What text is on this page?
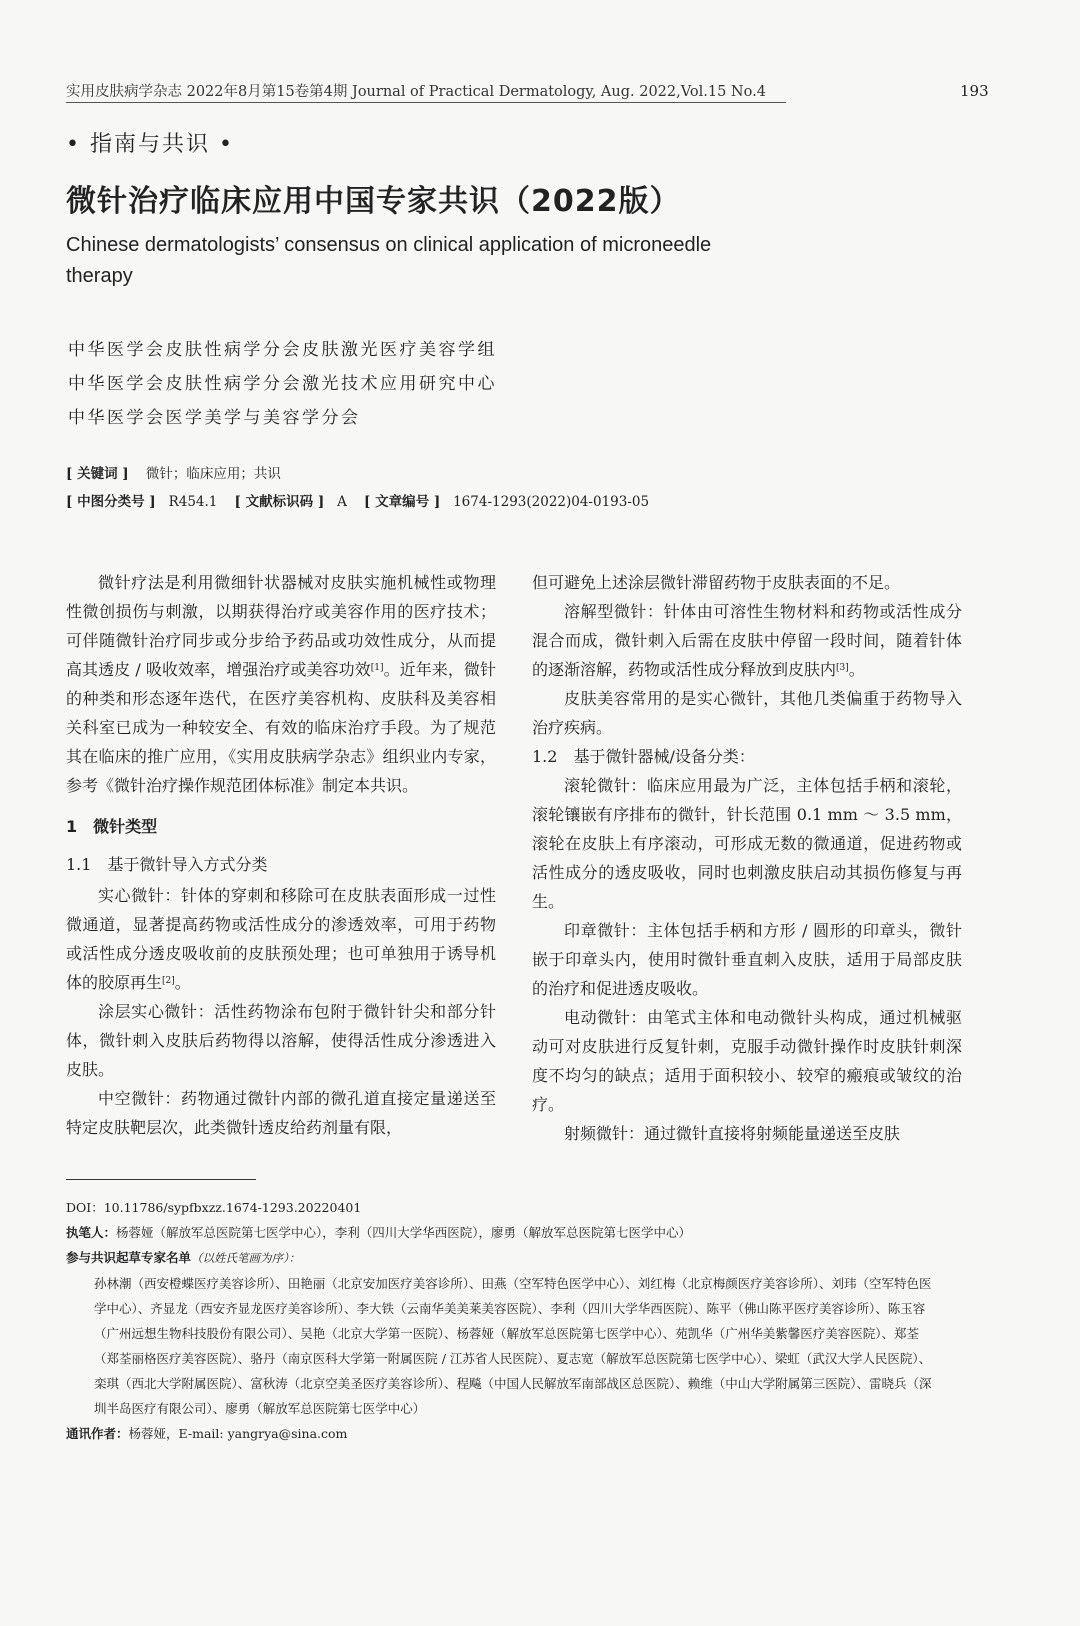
实用皮肤病学杂志 2022年8月第15卷第4期 Journal of Practical Dermatology, Aug. 2022,Vol.15 No.4	193
• 指南与共识 •
微针治疗临床应用中国专家共识（2022版）
Chinese dermatologists’ consensus on clinical application of microneedle therapy
中华医学会皮肤性病学分会皮肤激光医疗美容学组
中华医学会皮肤性病学分会激光技术应用研究中心
中华医学会医学美学与美容学分会
[ 关键词 ] 微针；临床应用；共识
[ 中图分类号 ] R454.1 [ 文献标识码 ] A [ 文章编号 ] 1674-1293(2022)04-0193-05

微针疗法是利用微细针状器械对皮肤实施机械性或物理性微创损伤与刺激，以期获得治疗或美容作用的医疗技术；可伴随微针治疗同步或分步给予药品或功效性成分，从而提高其透皮 / 吸收效率，增强治疗或美容功效[1]。近年来，微针的种类和形态逐年迭代，在医疗美容机构、皮肤科及美容相关科室已成为一种较安全、有效的临床治疗手段。为了规范其在临床的推广应用，《实用皮肤病学杂志》组织业内专家，参考《微针治疗操作规范团体标准》制定本共识。

1　微针类型

1.1　基于微针导入方式分类

实心微针：针体的穿刺和移除可在皮肤表面形成一过性微通道，显著提高药物或活性成分的渗透效率，可用于药物或活性成分透皮吸收前的皮肤预处理；也可单独用于诱导机体的胶原再生[2]。

涂层实心微针：活性药物涂布包附于微针针尖和部分针体，微针刺入皮肤后药物得以溶解，使得活性成分渗透进入皮肤。

中空微针：药物通过微针内部的微孔道直接定量递送至特定皮肤靶层次，此类微针透皮给药剂量有限，

但可避免上述涂层微针滞留药物于皮肤表面的不足。

溶解型微针：针体由可溶性生物材料和药物或活性成分混合而成，微针刺入后需在皮肤中停留一段时间，随着针体的逐渐溶解，药物或活性成分释放到皮肤内[3]。

皮肤美容常用的是实心微针，其他几类偏重于药物导入治疗疾病。

1.2　基于微针器械/设备分类：

滚轮微针：临床应用最为广泛，主体包括手柄和滚轮，滚轮镶嵌有序排布的微针，针长范围 0.1 mm ～ 3.5 mm，滚轮在皮肤上有序滚动，可形成无数的微通道，促进药物或活性成分的透皮吸收，同时也刺激皮肤启动其损伤修复与再生。

印章微针：主体包括手柄和方形 / 圆形的印章头，微针嵌于印章头内，使用时微针垂直刺入皮肤，适用于局部皮肤的治疗和促进透皮吸收。

电动微针：由笔式主体和电动微针头构成，通过机械驱动可对皮肤进行反复针刺，克服手动微针操作时皮肤针刺深度不均匀的缺点；适用于面积较小、较窄的瘢痕或皱纹的治疗。

射频微针：通过微针直接将射频能量递送至皮肤

DOI：10.11786/sypfbxzz.1674-1293.20220401

执笔人：杨蓉娅（解放军总医院第七医学中心），李利（四川大学华西医院），廖勇（解放军总医院第七医学中心）

参与共识起草专家名单（以姓氏笔画为序）：

孙林潮（西安橙蝶医疗美容诊所）、田艳丽（北京安加医疗美容诊所）、田燕（空军特色医学中心）、刘红梅（北京梅颜医疗美容诊所）、刘玮（空军特色医学中心）、齐显龙（西安齐显龙医疗美容诊所）、李大铁（云南华美美莱美容医院）、李利（四川大学华西医院）、陈平（佛山陈平医疗美容诊所）、陈玉容（广州远想生物科技股份有限公司）、吴艳（北京大学第一医院）、杨蓉娅（解放军总医院第七医学中心）、苑凯华（广州华美紫馨医疗美容医院）、郑荃（郑荃丽格医疗美容医院）、骆丹（南京医科大学第一附属医院 / 江苏省人民医院）、夏志宽（解放军总医院第七医学中心）、梁虹（武汉大学人民医院）、栾琪（西北大学附属医院）、富秋涛（北京空美圣医疗美容诊所）、程飚（中国人民解放军南部战区总医院）、赖维（中山大学附属第三医院）、雷晓兵（深圳半岛医疗有限公司）、廖勇（解放军总医院第七医学中心）

通讯作者：杨蓉娅，E-mail: yangrya@sina.com
